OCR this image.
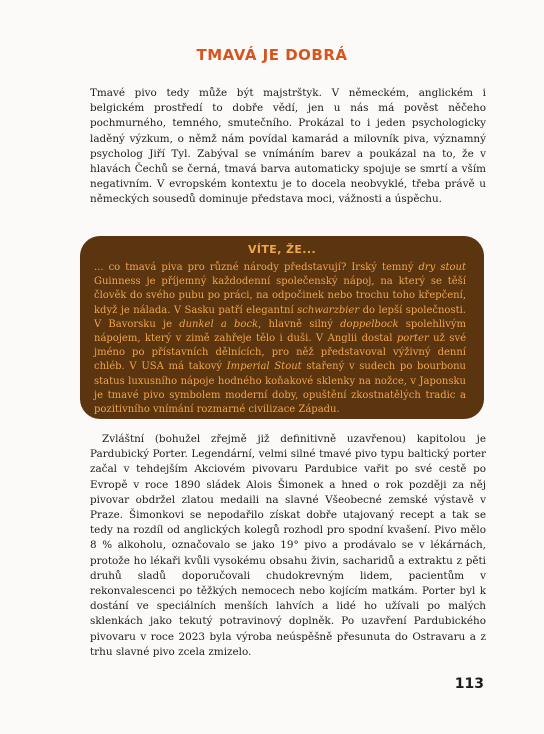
TMAVÁ JE DOBRÁ
Tmavé pivo tedy může být majstrštyk. V německém, anglickém i belgickém prostředí to dobře vědí, jen u nás má pověst něčeho pochmurného, temného, smutečního. Prokázal to i jeden psychologicky laděný výzkum, o němž nám povídal kamarád a milovník piva, významný psycholog Jiří Tyl. Zabýval se vnímáním barev a poukázal na to, že v hlavách Čechů se černá, tmavá barva automaticky spojuje se smrtí a vším negativním. V evropském kontextu je to docela neobvyklé, třeba právě u německých sousedů dominuje představa moci, vážnosti a úspěchu.
VÍTE, ŽE...
... co tmavá piva pro různé národy představují? Irský temný dry stout Guinness je příjemný každodenní společenský nápoj, na který se těší člověk do svého pubu po práci, na odpočinek nebo trochu toho křepčení, když je nálada. V Sasku patří elegantní schwarzbier do lepší společnosti. V Bavorsku je dunkel a bock, hlavně silný doppelbock spolehlivým nápojem, který v zimě zahřeje tělo i duši. V Anglii dostal porter už své jméno po přístavních dělnících, pro něž představoval výživný denní chléb. V USA má takový Imperial Stout stařený v sudech po bourbonu status luxusního nápoje hodného koňakové sklenky na nožce, v Japonsku je tmavé pivo symbolem moderní doby, opuštění zkostnatělých tradic a pozitivního vnímání rozmarné civilizace Západu.
Zvláštní (bohužel zřejmě již definitivně uzavřenou) kapitolou je Pardubický Porter. Legendární, velmi silné tmavé pivo typu baltický porter začal v tehdejším Akciovém pivovaru Pardubice vařit po své cestě po Evropě v roce 1890 sládek Alois Šimonek a hned o rok později za něj pivovar obdržel zlatou medaili na slavné Všeobecné zemské výstavě v Praze. Šimonkovi se nepodařilo získat dobře utajovaný recept a tak se tedy na rozdíl od anglických kolegů rozhodl pro spodní kvašení. Pivo mělo 8 % alkoholu, označovalo se jako 19° pivo a prodávalo se v lékárnách, protože ho lékaři kvůli vysokému obsahu živin, sacharidů a extraktu z pěti druhů sladů doporučovali chudokrevným lidem, pacientům v rekonvalescenci po těžkých nemocech nebo kojícím matkám. Porter byl k dostání ve speciálních menších lahvích a lidé ho užívali po malých sklenkách jako tekutý potravinový doplněk. Po uzavření Pardubického pivovaru v roce 2023 byla výroba neúspěšně přesunuta do Ostravaru a z trhu slavné pivo zcela zmizelo.
113
